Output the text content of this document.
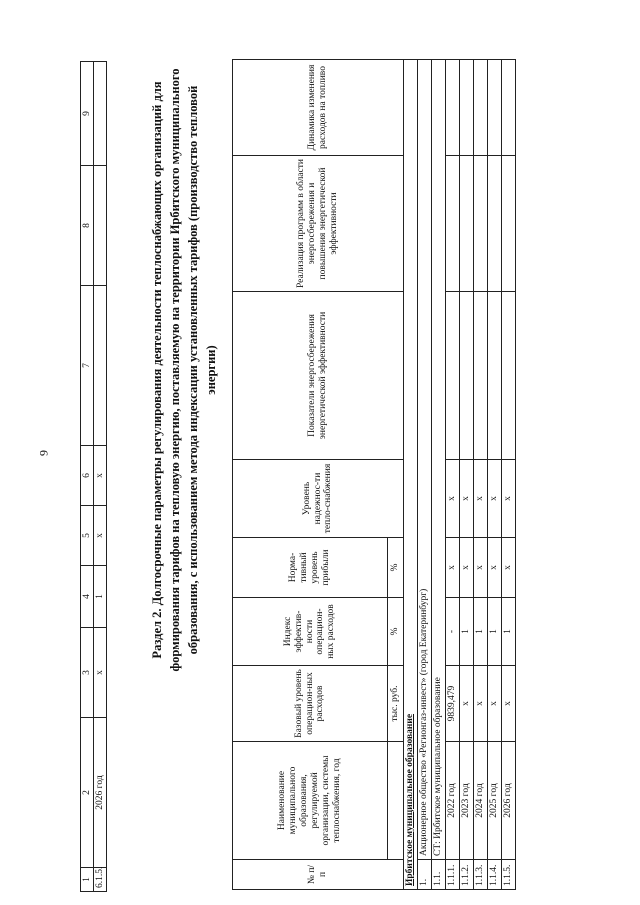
9
1	2	3	4	5	6	7	8	9
6.1.5.	2026 год	х	1	х	х				Раздел 2. Долгосрочные параметры регулирования деятельности теплоснабжающих организаций для формирования тарифов на тепловую энергию, поставляемую на территории Ирбитского муниципального образования, с использованием метода индексации установленных тарифов (производство тепловой энергии)
№ п/п	Наименование муниципального образования, регулируемой организации, системы теплоснабжения, год	Базовый уровень операцион-ных расходов	Индекс эффектив-ности операцион-ных расходов	Норма-тивный уровень прибыли	Уровень надежнос-ти тепло-снабжения	Показатели энергосбережения энергетической эффективности	Реализация программ в области энергосбережения и повышения энергетической эффективности	Динамика изменения расходов на топливо
		тыс. руб.	%	%				
Ирбитское муниципальное образование								
1.	Акционерное общество «Регионгаз-инвест» (город Екатеринбург)							
1.1.	СТ: Ирбитское муниципальное образование							
1.1.1.	2022 год	9839,479	-	х	х			
1.1.2.	2023 год	х	1	х	х			
1.1.3.	2024 год	х	1	х	х			
1.1.4.	2025 год	х	1	х	х			
1.1.5.	2026 год	х	1	х	х			
